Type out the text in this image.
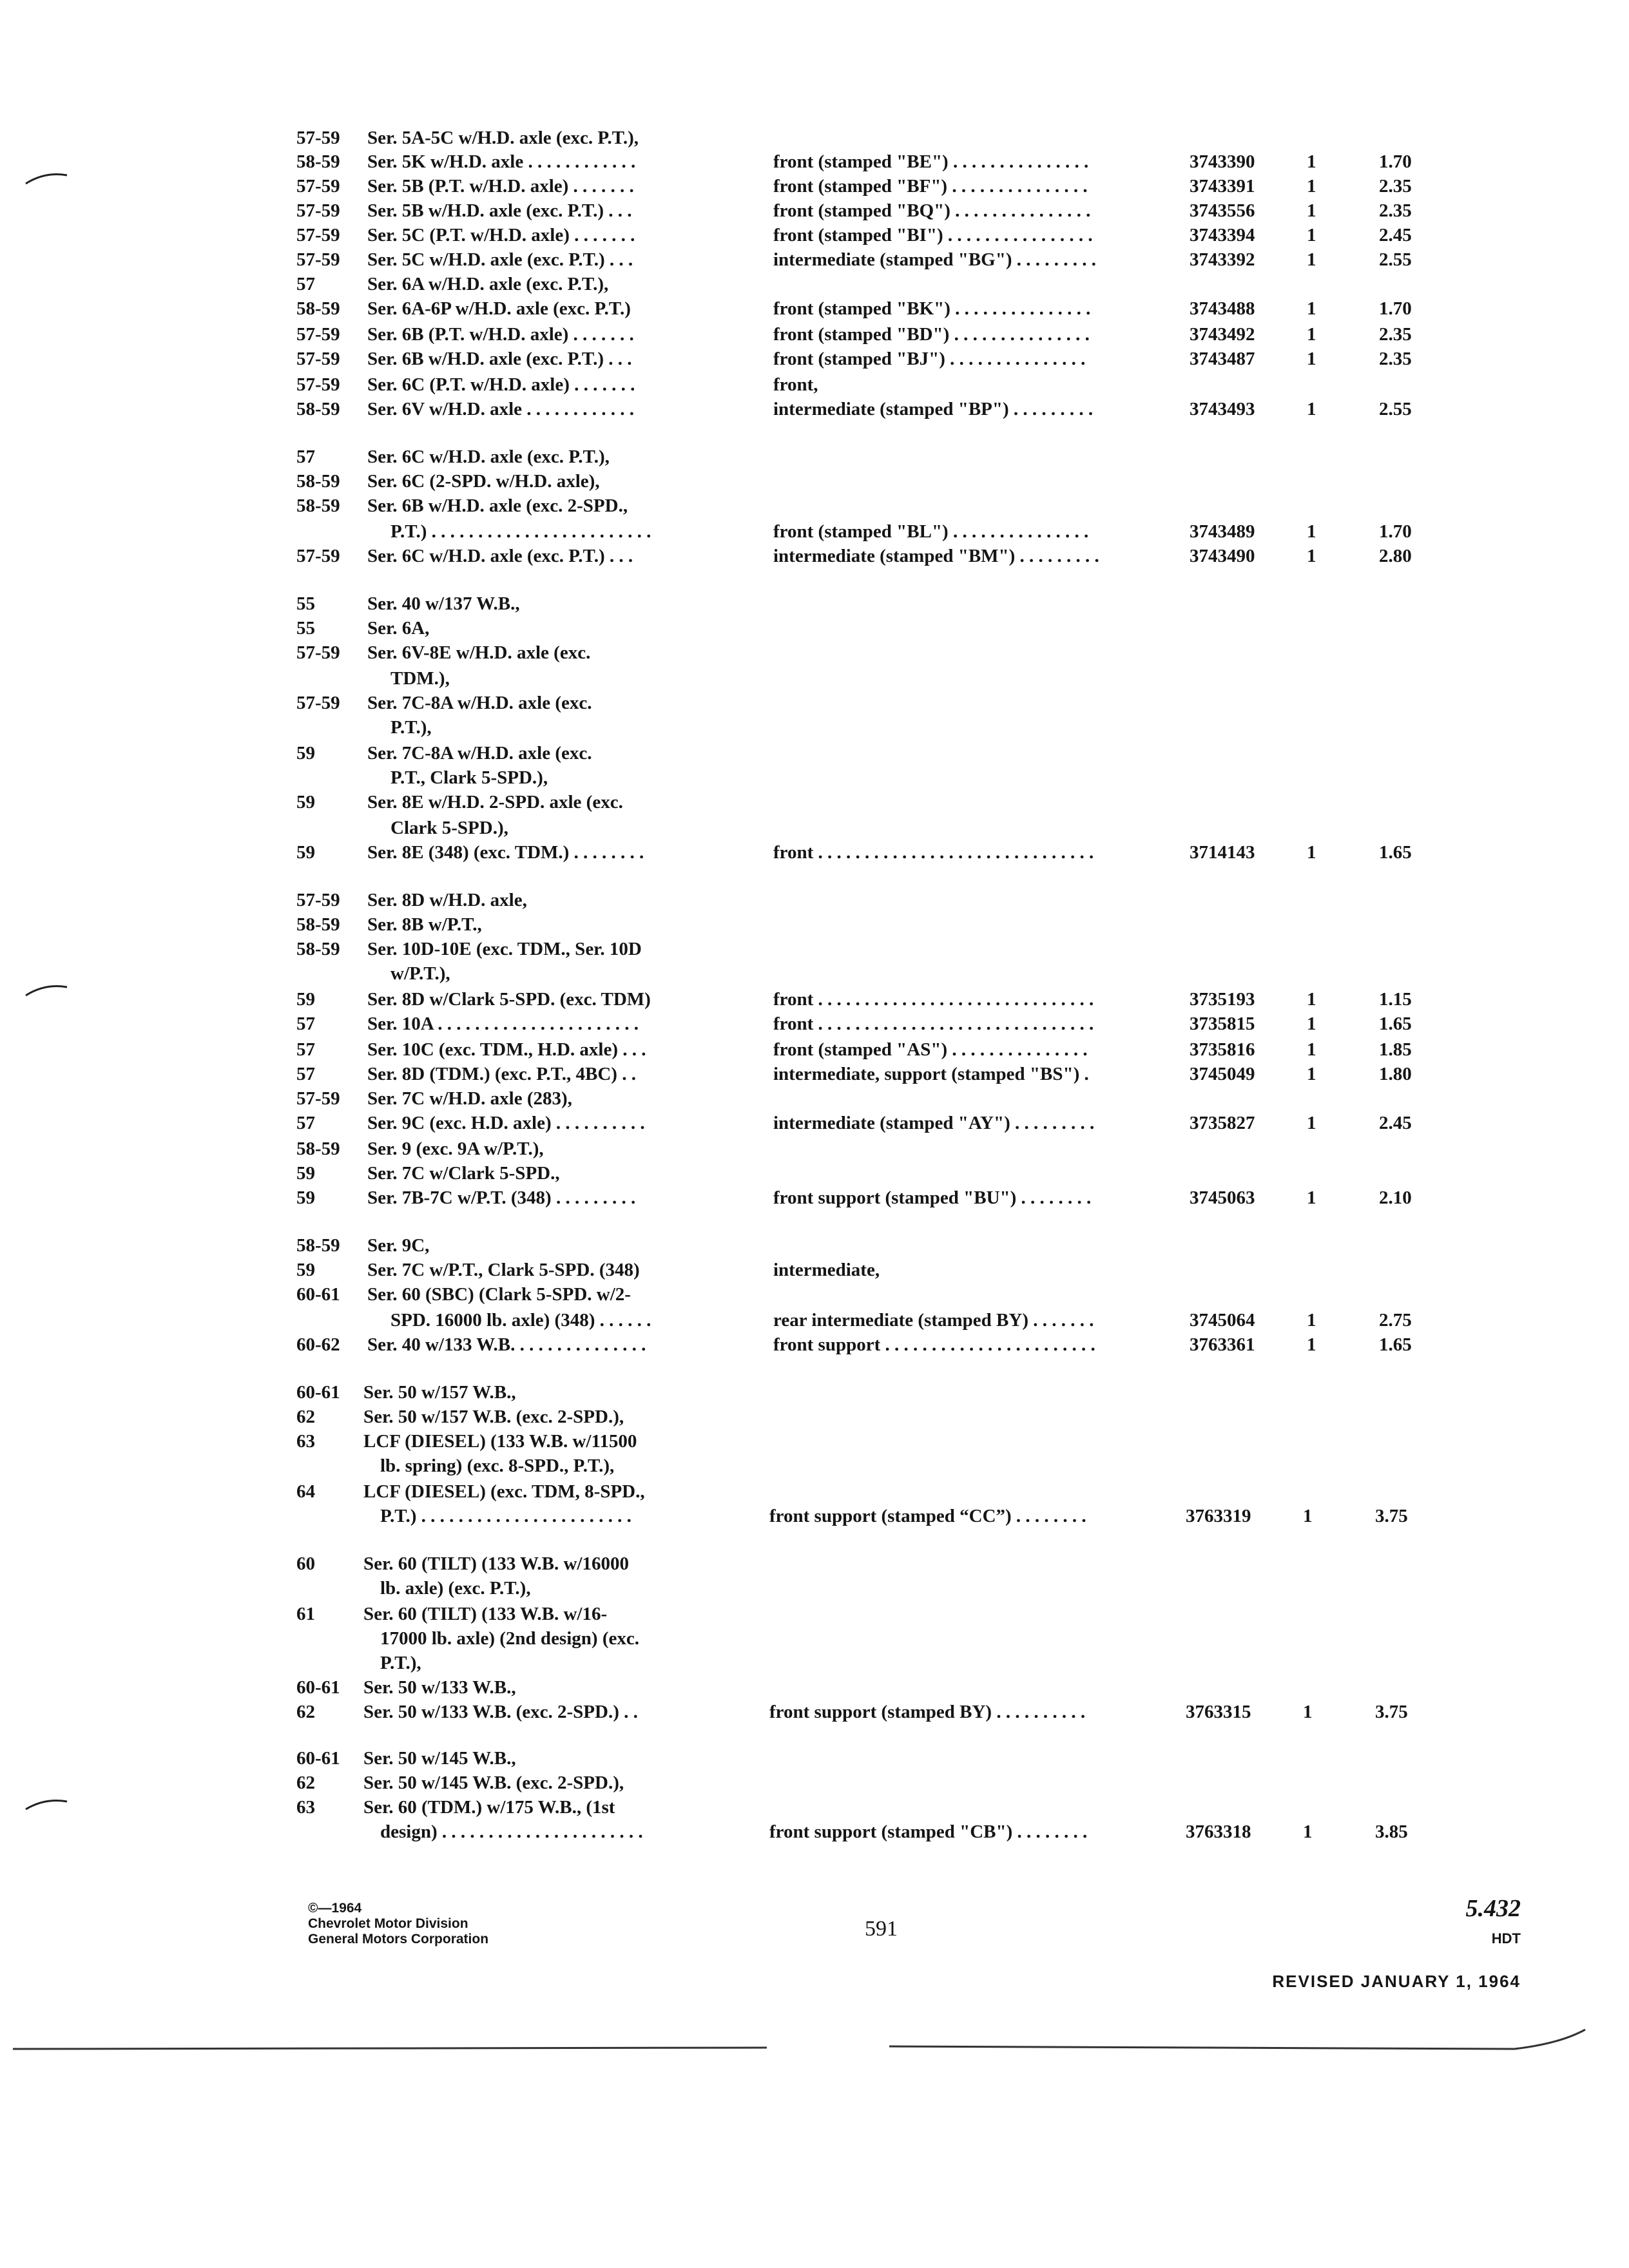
57-59 Ser. 5A-5C w/H.D. axle (exc. P.T.),
58-59 Ser. 5K w/H.D. axle . . . . . . . . . . . .	front (stamped "BE") . . . . . . . . . . . . . . .	3743390	1	1.70
57-59 Ser. 5B (P.T. w/H.D. axle) . . . . . . .	front (stamped "BF") . . . . . . . . . . . . . . .	3743391	1	2.35
57-59 Ser. 5B w/H.D. axle (exc. P.T.) . . .	front (stamped "BQ") . . . . . . . . . . . . . . .	3743556	1	2.35
57-59 Ser. 5C (P.T. w/H.D. axle) . . . . . . .	front (stamped "BI") . . . . . . . . . . . . . . . .	3743394	1	2.45
57-59 Ser. 5C w/H.D. axle (exc. P.T.) . . .	intermediate (stamped "BG") . . . . . . . . .	3743392	1	2.55
57	Ser. 6A w/H.D. axle (exc. P.T.),
58-59 Ser. 6A-6P w/H.D. axle (exc. P.T.)	front (stamped "BK") . . . . . . . . . . . . . . .	3743488	1	1.70
57-59 Ser. 6B (P.T. w/H.D. axle) . . . . . . .	front (stamped "BD") . . . . . . . . . . . . . . .	3743492	1	2.35
57-59 Ser. 6B w/H.D. axle (exc. P.T.) . . .	front (stamped "BJ") . . . . . . . . . . . . . . .	3743487	1	2.35
57-59 Ser. 6C (P.T. w/H.D. axle) . . . . . . .	front,
58-59 Ser. 6V w/H.D. axle . . . . . . . . . . . .	intermediate (stamped "BP") . . . . . . . . .	3743493	1	2.55
57	Ser. 6C w/H.D. axle (exc. P.T.),
58-59 Ser. 6C (2-SPD. w/H.D. axle),
58-59 Ser. 6B w/H.D. axle (exc. 2-SPD.,
P.T.) . . . . . . . . . . . . . . . . . . . . . . . .	front (stamped "BL") . . . . . . . . . . . . . . .	3743489	1	1.70
57-59 Ser. 6C w/H.D. axle (exc. P.T.) . . .	intermediate (stamped "BM") . . . . . . . . .	3743490	1	2.80
55	Ser. 40 w/137 W.B.,
55	Ser. 6A,
57-59 Ser. 6V-8E w/H.D. axle (exc.
TDM.),
57-59 Ser. 7C-8A w/H.D. axle (exc.
P.T.),
59	Ser. 7C-8A w/H.D. axle (exc.
P.T., Clark 5-SPD.),
59	Ser. 8E w/H.D. 2-SPD. axle (exc.
Clark 5-SPD.),
59	Ser. 8E (348) (exc. TDM.) . . . . . . . .	front . . . . . . . . . . . . . . . . . . . . . . . . . . . . . .	3714143	1	1.65
57-59 Ser. 8D w/H.D. axle,
58-59 Ser. 8B w/P.T.,
58-59 Ser. 10D-10E (exc. TDM., Ser. 10D
w/P.T.),
59	Ser. 8D w/Clark 5-SPD. (exc. TDM)	front . . . . . . . . . . . . . . . . . . . . . . . . . . . . . .	3735193	1	1.15
57	Ser. 10A . . . . . . . . . . . . . . . . . . . . . .	front . . . . . . . . . . . . . . . . . . . . . . . . . . . . . .	3735815	1	1.65
57	Ser. 10C (exc. TDM., H.D. axle) . . .	front (stamped "AS") . . . . . . . . . . . . . . .	3735816	1	1.85
57	Ser. 8D (TDM.) (exc. P.T., 4BC) . .	intermediate, support (stamped "BS") .	3745049	1	1.80
57-59 Ser. 7C w/H.D. axle (283),
57	Ser. 9C (exc. H.D. axle) . . . . . . . . . .	intermediate (stamped "AY") . . . . . . . . .	3735827	1	2.45
58-59 Ser. 9 (exc. 9A w/P.T.),
59	Ser. 7C w/Clark 5-SPD.,
59	Ser. 7B-7C w/P.T. (348) . . . . . . . . .	front support (stamped "BU") . . . . . . . .	3745063	1	2.10
58-59 Ser. 9C,
59	Ser. 7C w/P.T., Clark 5-SPD. (348)	intermediate,
60-61 Ser. 60 (SBC) (Clark 5-SPD. w/2-
SPD. 16000 lb. axle) (348) . . . . . .	rear intermediate (stamped BY) . . . . . . .	3745064	1	2.75
60-62 Ser. 40 w/133 W.B. . . . . . . . . . . . . . .	front support . . . . . . . . . . . . . . . . . . . . . . .	3763361	1	1.65
60-61 Ser. 50 w/157 W.B.,
62	Ser. 50 w/157 W.B. (exc. 2-SPD.),
63	LCF (DIESEL) (133 W.B. w/11500
lb. spring) (exc. 8-SPD., P.T.),
64	LCF (DIESEL) (exc. TDM, 8-SPD.,
P.T.) . . . . . . . . . . . . . . . . . . . . . . .	front support (stamped “CC”) . . . . . . . .	3763319	1	3.75
60	Ser. 60 (TILT) (133 W.B. w/16000
lb. axle) (exc. P.T.),
61	Ser. 60 (TILT) (133 W.B. w/16-
17000 lb. axle) (2nd design) (exc.
P.T.),
60-61 Ser. 50 w/133 W.B.,
62	Ser. 50 w/133 W.B. (exc. 2-SPD.) . .	front support (stamped BY) . . . . . . . . . .	3763315	1	3.75
60-61 Ser. 50 w/145 W.B.,
62	Ser. 50 w/145 W.B. (exc. 2-SPD.),
63	Ser. 60 (TDM.) w/175 W.B., (1st
design) . . . . . . . . . . . . . . . . . . . . . .	front support (stamped "CB") . . . . . . . .	3763318	1	3.85
©—1964
Chevrolet Motor Division
General Motors Corporation	591
5.432
HDT
REVISED JANUARY 1, 1964
